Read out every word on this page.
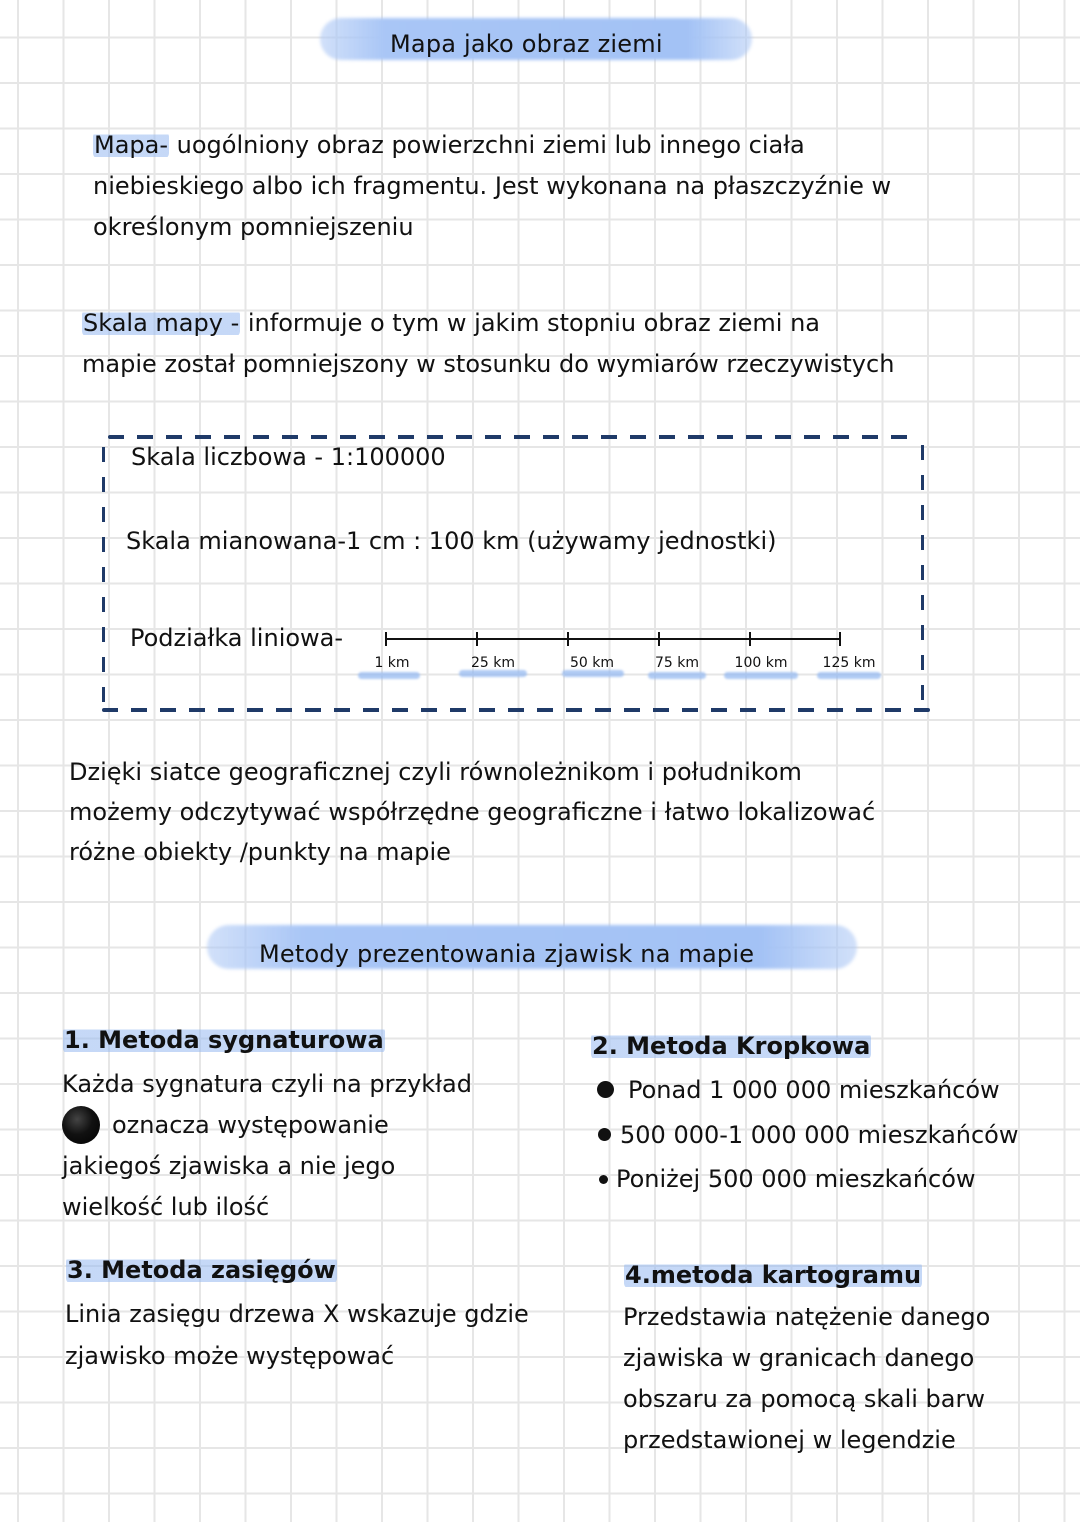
Mapa jako obraz ziemi
Mapa- uogólniony obraz powierzchni ziemi lub innego ciała
niebieskiego albo ich fragmentu. Jest wykonana na płaszczyźnie w
określonym pomniejszeniu
Skala mapy - informuje o tym w jakim stopniu obraz ziemi na
mapie został pomniejszony w stosunku do wymiarów rzeczywistych
Skala liczbowa - 1:100000
Skala mianowana-1 cm : 100 km (używamy jednostki)
Podziałka liniowa-
1 km	25 km	50 km	75 km	100 km	125 km
Dzięki siatce geograficznej czyli równoleżnikom i południkom
możemy odczytywać współrzędne geograficzne i łatwo lokalizować
różne obiekty /punkty na mapie
Metody prezentowania zjawisk na mapie
1. Metoda sygnaturowa
Każda sygnatura czyli na przykład
oznacza występowanie
jakiegoś zjawiska a nie jego
wielkość lub ilość
2. Metoda Kropkowa
Ponad 1 000 000 mieszkańców
500 000-1 000 000 mieszkańców
Poniżej 500 000 mieszkańców
3. Metoda zasięgów
Linia zasięgu drzewa X wskazuje gdzie
zjawisko może występować
4.metoda kartogramu
Przedstawia natężenie danego
zjawiska w granicach danego
obszaru za pomocą skali barw
przedstawionej w legendzie
